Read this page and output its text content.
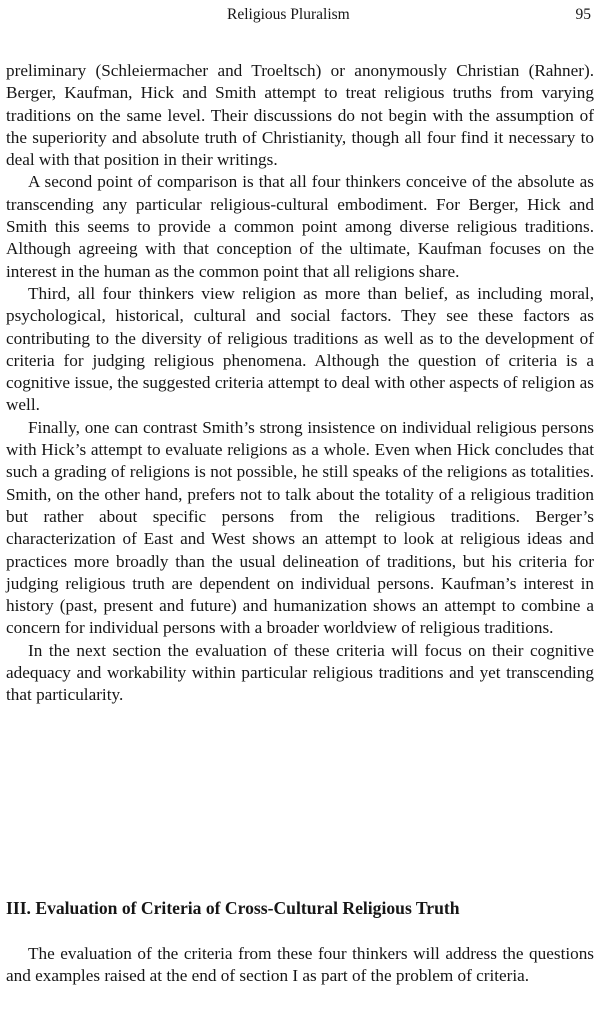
Religious Pluralism	95

preliminary (Schleiermacher and Troeltsch) or anonymously Christian (Rahner). Berger, Kaufman, Hick and Smith attempt to treat religious truths from varying traditions on the same level. Their discussions do not begin with the assumption of the superiority and absolute truth of Christianity, though all four find it necessary to deal with that position in their writings.

A second point of comparison is that all four thinkers conceive of the absolute as transcending any particular religious-cultural embodiment. For Berger, Hick and Smith this seems to provide a common point among diverse religious traditions. Although agreeing with that conception of the ultimate, Kaufman focuses on the interest in the human as the common point that all religions share.

Third, all four thinkers view religion as more than belief, as including moral, psychological, historical, cultural and social factors. They see these factors as contributing to the diversity of religious traditions as well as to the development of criteria for judging religious phenomena. Although the question of criteria is a cognitive issue, the suggested criteria attempt to deal with other aspects of religion as well.

Finally, one can contrast Smith’s strong insistence on individual religious persons with Hick’s attempt to evaluate religions as a whole. Even when Hick concludes that such a grading of religions is not possible, he still speaks of the religions as totalities. Smith, on the other hand, prefers not to talk about the totality of a religious tradition but rather about specific persons from the religious traditions. Berger’s characterization of East and West shows an attempt to look at religious ideas and practices more broadly than the usual delineation of traditions, but his criteria for judging religious truth are dependent on individual persons. Kaufman’s interest in history (past, present and future) and humanization shows an attempt to combine a concern for individual persons with a broader worldview of religious traditions.

In the next section the evaluation of these criteria will focus on their cognitive adequacy and workability within particular religious traditions and yet transcending that particularity.

III. Evaluation of Criteria of Cross-Cultural Religious Truth

The evaluation of the criteria from these four thinkers will address the questions and examples raised at the end of section I as part of the problem of criteria.
